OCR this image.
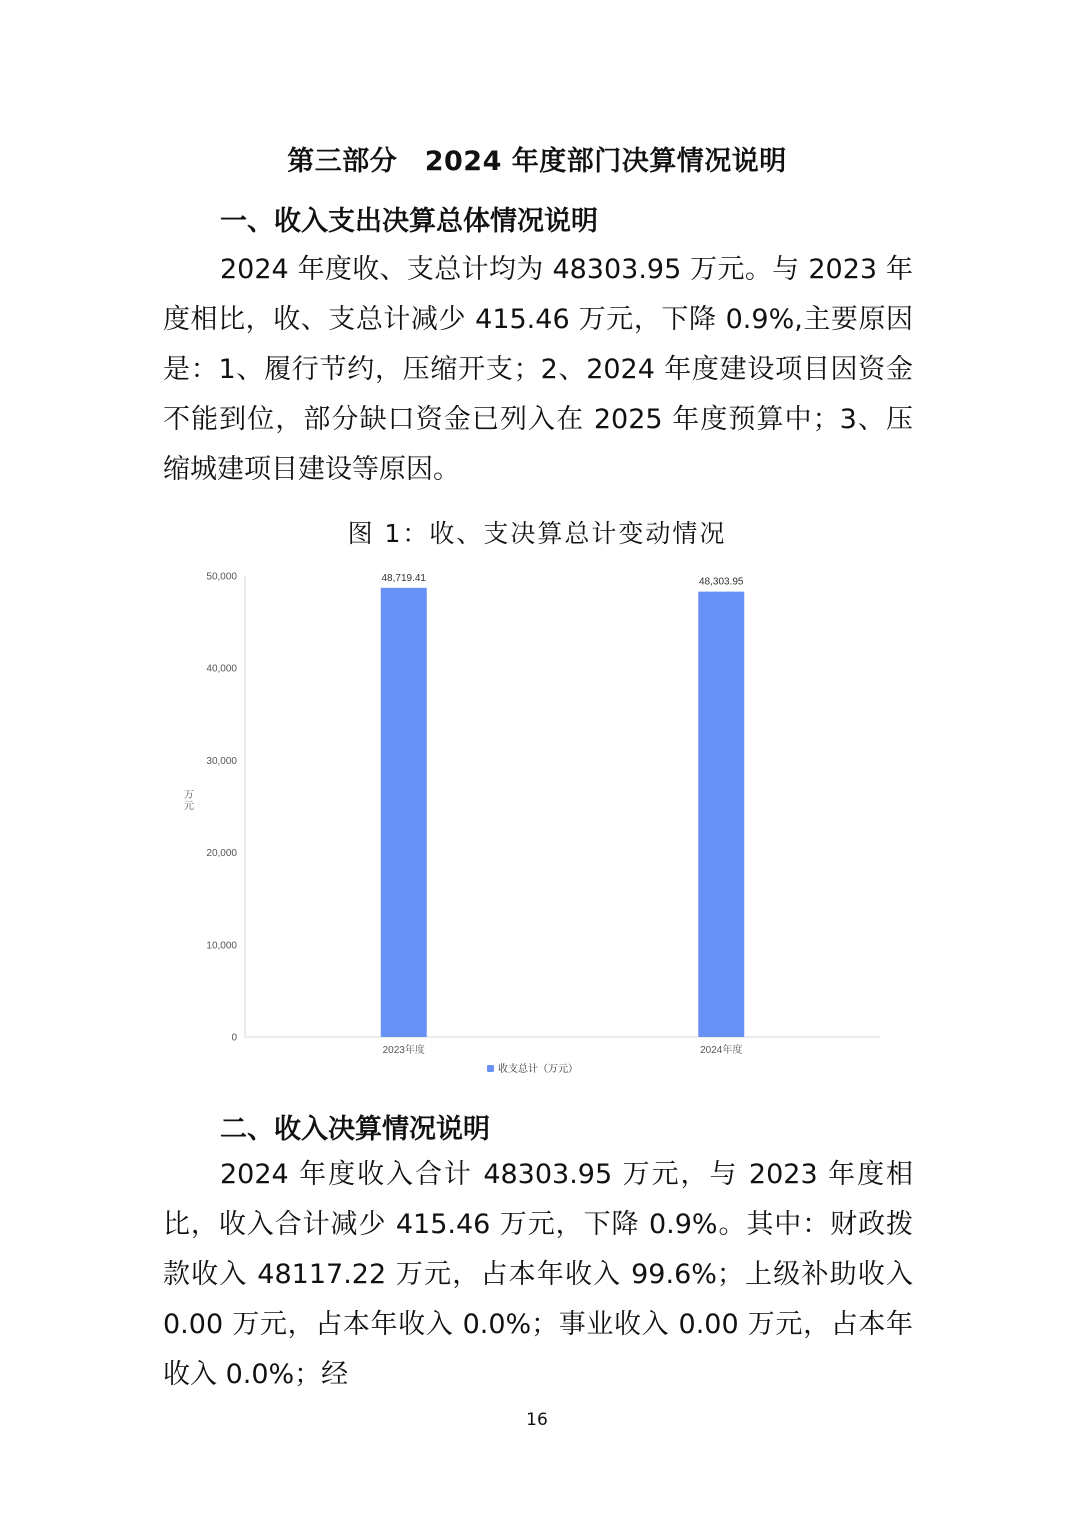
第三部分　2024 年度部门决算情况说明
一、收入支出决算总体情况说明
2024 年度收、支总计均为 48303.95 万元。与 2023 年度相比，收、支总计减少 415.46 万元，下降 0.9%,主要原因是：1、履行节约，压缩开支；2、2024 年度建设项目因资金不能到位，部分缺口资金已列入在 2025 年度预算中；3、压缩城建项目建设等原因。
图 1：收、支决算总计变动情况
0
10,000
20,000
30,000
40,000
50,000
万元
48,719.41
2023年度
48,303.95
2024年度
收支总计（万元）
二、收入决算情况说明
2024 年度收入合计 48303.95 万元，与 2023 年度相比，收入合计减少 415.46 万元，下降 0.9%。其中：财政拨款收入 48117.22 万元，占本年收入 99.6%；上级补助收入 0.00 万元，占本年收入 0.0%；事业收入 0.00 万元，占本年收入 0.0%；经
16
